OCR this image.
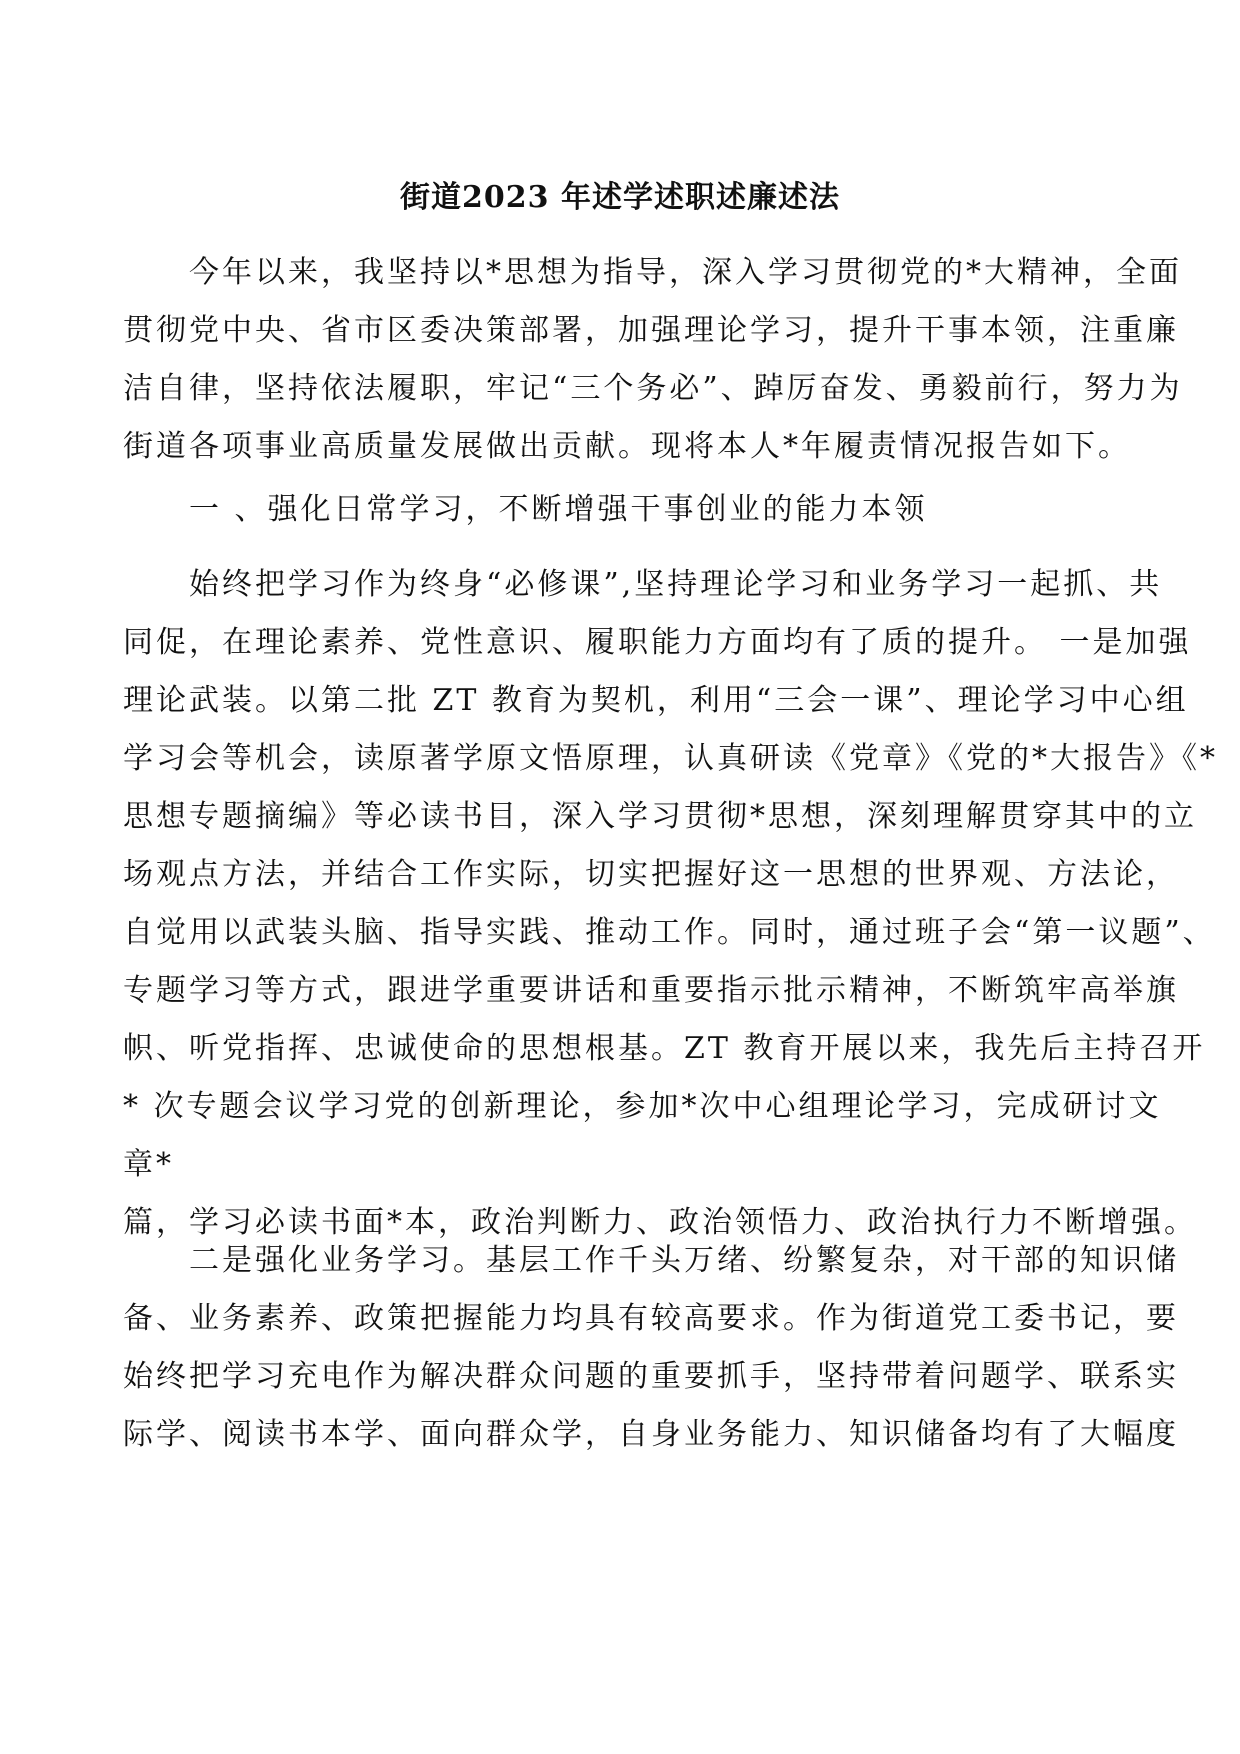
街道2023 年述学述职述廉述法
　　今年以来，我坚持以*思想为指导，深入学习贯彻党的*大精神，全面
贯彻党中央、省市区委决策部署，加强理论学习，提升干事本领，注重廉
洁自律，坚持依法履职，牢记“三个务必”、踔厉奋发、勇毅前行，努力为
街道各项事业高质量发展做出贡献。现将本人*年履责情况报告如下。
　　一 、强化日常学习，不断增强干事创业的能力本领
　　始终把学习作为终身“必修课”,坚持理论学习和业务学习一起抓、共
同促，在理论素养、党性意识、履职能力方面均有了质的提升。 一是加强
理论武装。以第二批 ZT 教育为契机，利用“三会一课”、理论学习中心组
学习会等机会，读原著学原文悟原理，认真研读《党章》《党的*大报告》《*
思想专题摘编》等必读书目，深入学习贯彻*思想，深刻理解贯穿其中的立
场观点方法，并结合工作实际，切实把握好这一思想的世界观、方法论，
自觉用以武装头脑、指导实践、推动工作。同时，通过班子会“第一议题”、
专题学习等方式，跟进学重要讲话和重要指示批示精神，不断筑牢高举旗
帜、听党指挥、忠诚使命的思想根基。ZT 教育开展以来，我先后主持召开
* 次专题会议学习党的创新理论，参加*次中心组理论学习，完成研讨文
章*
篇，学习必读书面*本，政治判断力、政治领悟力、政治执行力不断增强。
　　二是强化业务学习。基层工作千头万绪、纷繁复杂，对干部的知识储
备、业务素养、政策把握能力均具有较高要求。作为街道党工委书记，要
始终把学习充电作为解决群众问题的重要抓手，坚持带着问题学、联系实
际学、阅读书本学、面向群众学，自身业务能力、知识储备均有了大幅度
